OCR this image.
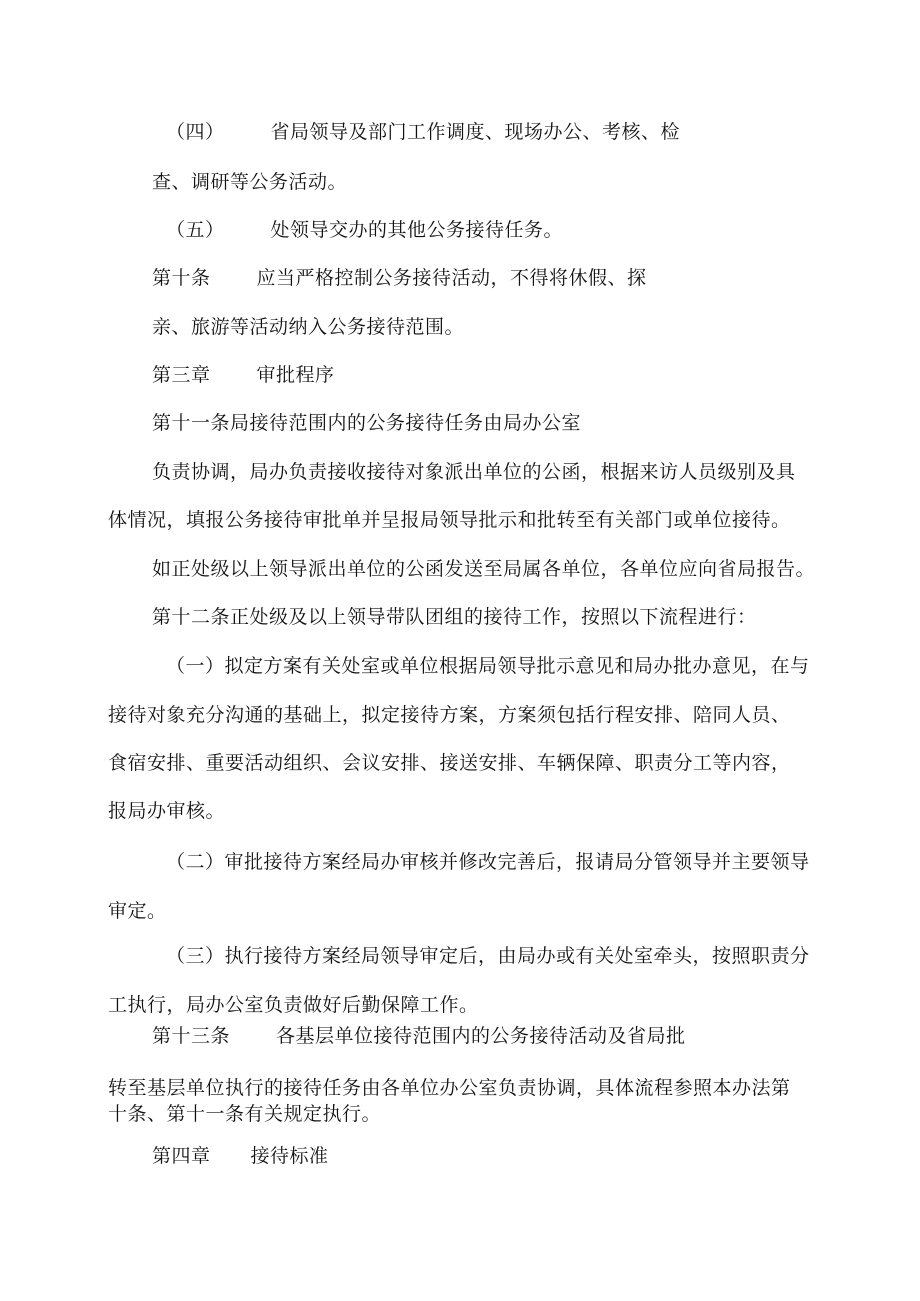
（四） 省局领导及部门工作调度、现场办公、考核、检
查、调研等公务活动。
（五） 处领导交办的其他公务接待任务。
第十条 应当严格控制公务接待活动，不得将休假、探
亲、旅游等活动纳入公务接待范围。
第三章 审批程序
第十一条局接待范围内的公务接待任务由局办公室
负责协调，局办负责接收接待对象派出单位的公函，根据来访人员级别及具
体情况，填报公务接待审批单并呈报局领导批示和批转至有关部门或单位接待。
如正处级以上领导派出单位的公函发送至局属各单位，各单位应向省局报告。
第十二条正处级及以上领导带队团组的接待工作，按照以下流程进行：
（一）拟定方案有关处室或单位根据局领导批示意见和局办批办意见，在与
接待对象充分沟通的基础上，拟定接待方案，方案须包括行程安排、陪同人员、
食宿安排、重要活动组织、会议安排、接送安排、车辆保障、职责分工等内容，
报局办审核。
（二）审批接待方案经局办审核并修改完善后，报请局分管领导并主要领导
审定。
（三）执行接待方案经局领导审定后，由局办或有关处室牵头，按照职责分
工执行，局办公室负责做好后勤保障工作。
第十三条 各基层单位接待范围内的公务接待活动及省局批
转至基层单位执行的接待任务由各单位办公室负责协调，具体流程参照本办法第
十条、第十一条有关规定执行。
第四章 接待标准
